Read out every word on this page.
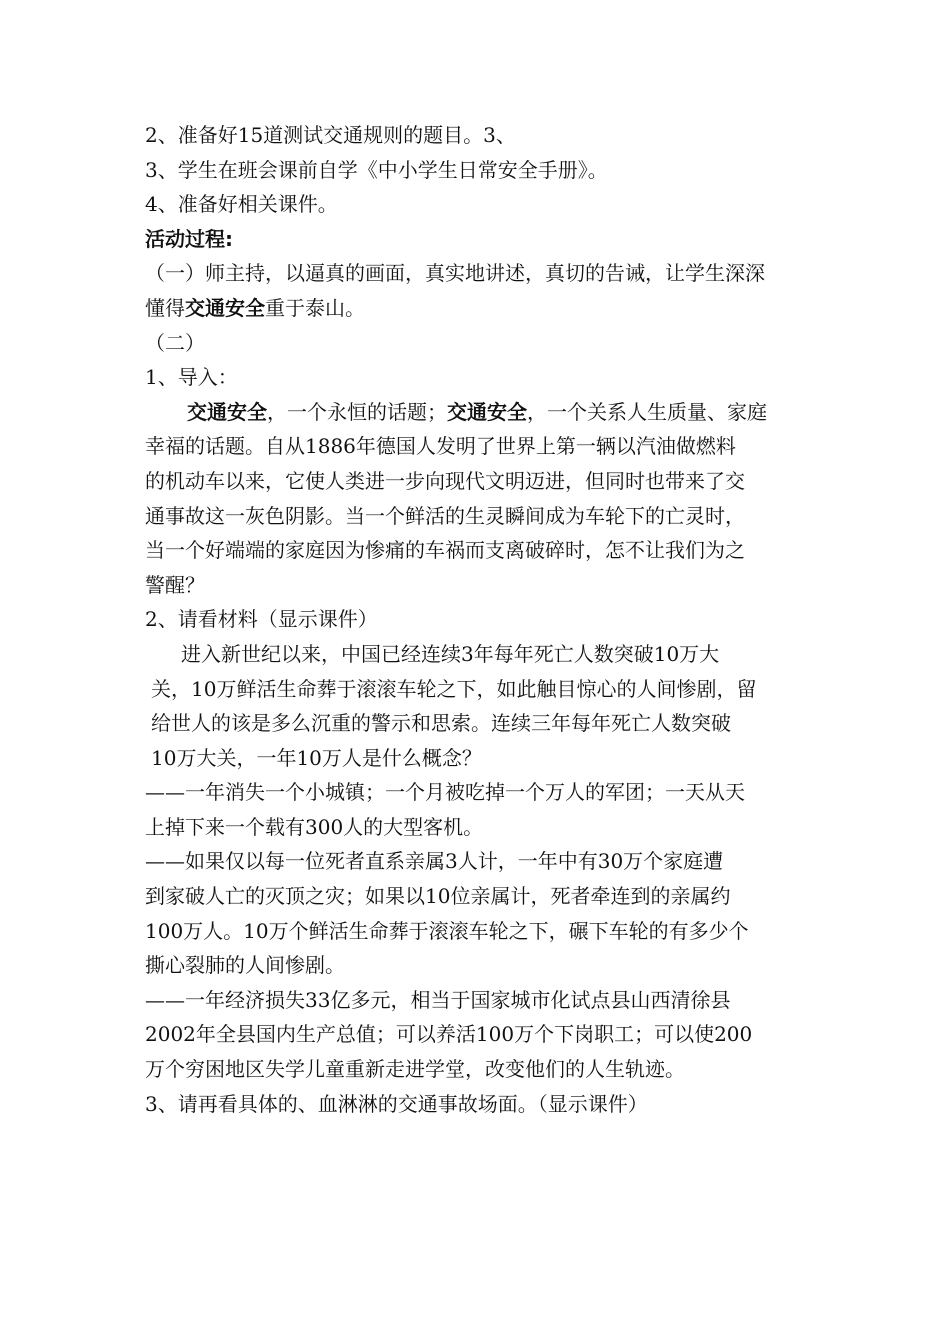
2、准备好15道测试交通规则的题目。3、
3、学生在班会课前自学《中小学生日常安全手册》。
4、准备好相关课件。
活动过程:
（一）师主持，以逼真的画面，真实地讲述，真切的告诫，让学生深深
懂得交通安全重于泰山。
（二）
1、导入：
交通安全，一个永恒的话题；交通安全，一个关系人生质量、家庭
幸福的话题。自从1886年德国人发明了世界上第一辆以汽油做燃料
的机动车以来，它使人类进一步向现代文明迈进，但同时也带来了交
通事故这一灰色阴影。当一个鲜活的生灵瞬间成为车轮下的亡灵时，
当一个好端端的家庭因为惨痛的车祸而支离破碎时，怎不让我们为之
警醒？
2、请看材料（显示课件）
进入新世纪以来，中国已经连续3年每年死亡人数突破10万大
关，10万鲜活生命葬于滚滚车轮之下，如此触目惊心的人间惨剧，留
给世人的该是多么沉重的警示和思索。连续三年每年死亡人数突破
10万大关，一年10万人是什么概念？
——一年消失一个小城镇；一个月被吃掉一个万人的军团；一天从天
上掉下来一个载有300人的大型客机。
——如果仅以每一位死者直系亲属3人计，一年中有30万个家庭遭
到家破人亡的灭顶之灾；如果以10位亲属计，死者牵连到的亲属约
100万人。10万个鲜活生命葬于滚滚车轮之下，碾下车轮的有多少个
撕心裂肺的人间惨剧。
——一年经济损失33亿多元，相当于国家城市化试点县山西清徐县
2002年全县国内生产总值；可以养活100万个下岗职工；可以使200
万个穷困地区失学儿童重新走进学堂，改变他们的人生轨迹。
3、请再看具体的、血淋淋的交通事故场面。（显示课件）
